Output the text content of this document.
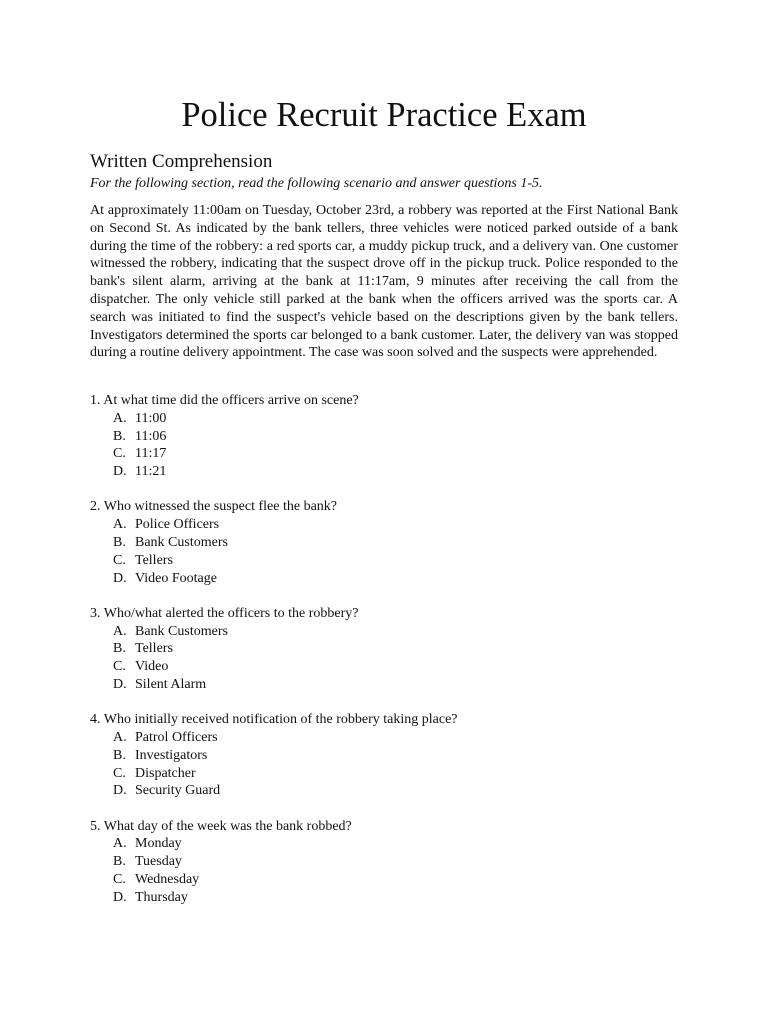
Police Recruit Practice Exam
Written Comprehension
For the following section, read the following scenario and answer questions 1-5.

At approximately 11:00am on Tuesday, October 23rd, a robbery was reported at the First National Bank on Second St. As indicated by the bank tellers, three vehicles were noticed parked outside of a bank during the time of the robbery: a red sports car, a muddy pickup truck, and a delivery van. One customer witnessed the robbery, indicating that the suspect drove off in the pickup truck. Police responded to the bank's silent alarm, arriving at the bank at 11:17am, 9 minutes after receiving the call from the dispatcher. The only vehicle still parked at the bank when the officers arrived was the sports car. A search was initiated to find the suspect's vehicle based on the descriptions given by the bank tellers. Investigators determined the sports car belonged to a bank customer. Later, the delivery van was stopped during a routine delivery appointment. The case was soon solved and the suspects were apprehended.

1. At what time did the officers arrive on scene?
A. 11:00
B. 11:06
C. 11:17
D. 11:21
2. Who witnessed the suspect flee the bank?
A. Police Officers
B. Bank Customers
C. Tellers
D. Video Footage
3. Who/what alerted the officers to the robbery?
A. Bank Customers
B. Tellers
C. Video
D. Silent Alarm
4. Who initially received notification of the robbery taking place?
A. Patrol Officers
B. Investigators
C. Dispatcher
D. Security Guard
5. What day of the week was the bank robbed?
A. Monday
B. Tuesday
C. Wednesday
D. Thursday
